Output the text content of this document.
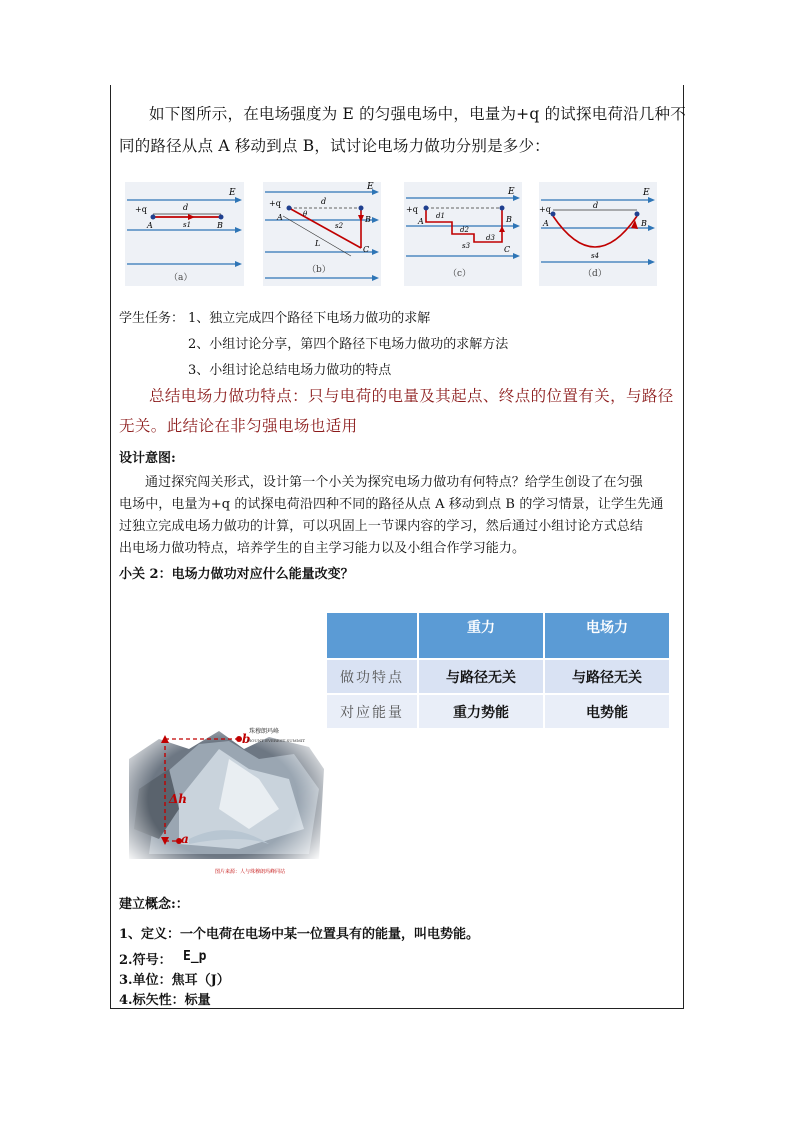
如下图所示，在电场强度为 E 的匀强电场中，电量为+q 的试探电荷沿几种不
同的路径从点 A 移动到点 B，试讨论电场力做功分别是多少：
E
d
+q
A	B
s1
（a）
E
d
+q
A	B
C
θ
s2
L
（b）
E
+q
A	B
C
d1
d2
d3
s3
（c）
E
d
+q
A	B
s4
（d）
学生任务： 1、独立完成四个路径下电场力做功的求解
2、小组讨论分享，第四个路径下电场力做功的求解方法
3、小组讨论总结电场力做功的特点
总结电场力做功特点：只与电荷的电量及其起点、终点的位置有关，与路径
无关。此结论在非匀强电场也适用
设计意图:
通过探究闯关形式，设计第一个小关为探究电场力做功有何特点？给学生创设了在匀强
电场中，电量为+q 的试探电荷沿四种不同的路径从点 A 移动到点 B 的学习情景，让学生先通
过独立完成电场力做功的计算，可以巩固上一节课内容的学习，然后通过小组讨论方式总结
出电场力做功特点，培养学生的自主学习能力以及小组合作学习能力。
小关 2：电场力做功对应什么能量改变？
	重力	电场力
做功特点	与路径无关	与路径无关
对应能量	重力势能	电势能
b
a
Δh
珠穆朗玛峰
MOUNT EVEREST SUMMIT
图片来源：人与珠穆朗玛峰同站
建立概念:：
1、定义：一个电荷在电场中某一位置具有的能量，叫电势能。
2.符号： E_p
3.单位：焦耳（J）
4.标矢性：标量
